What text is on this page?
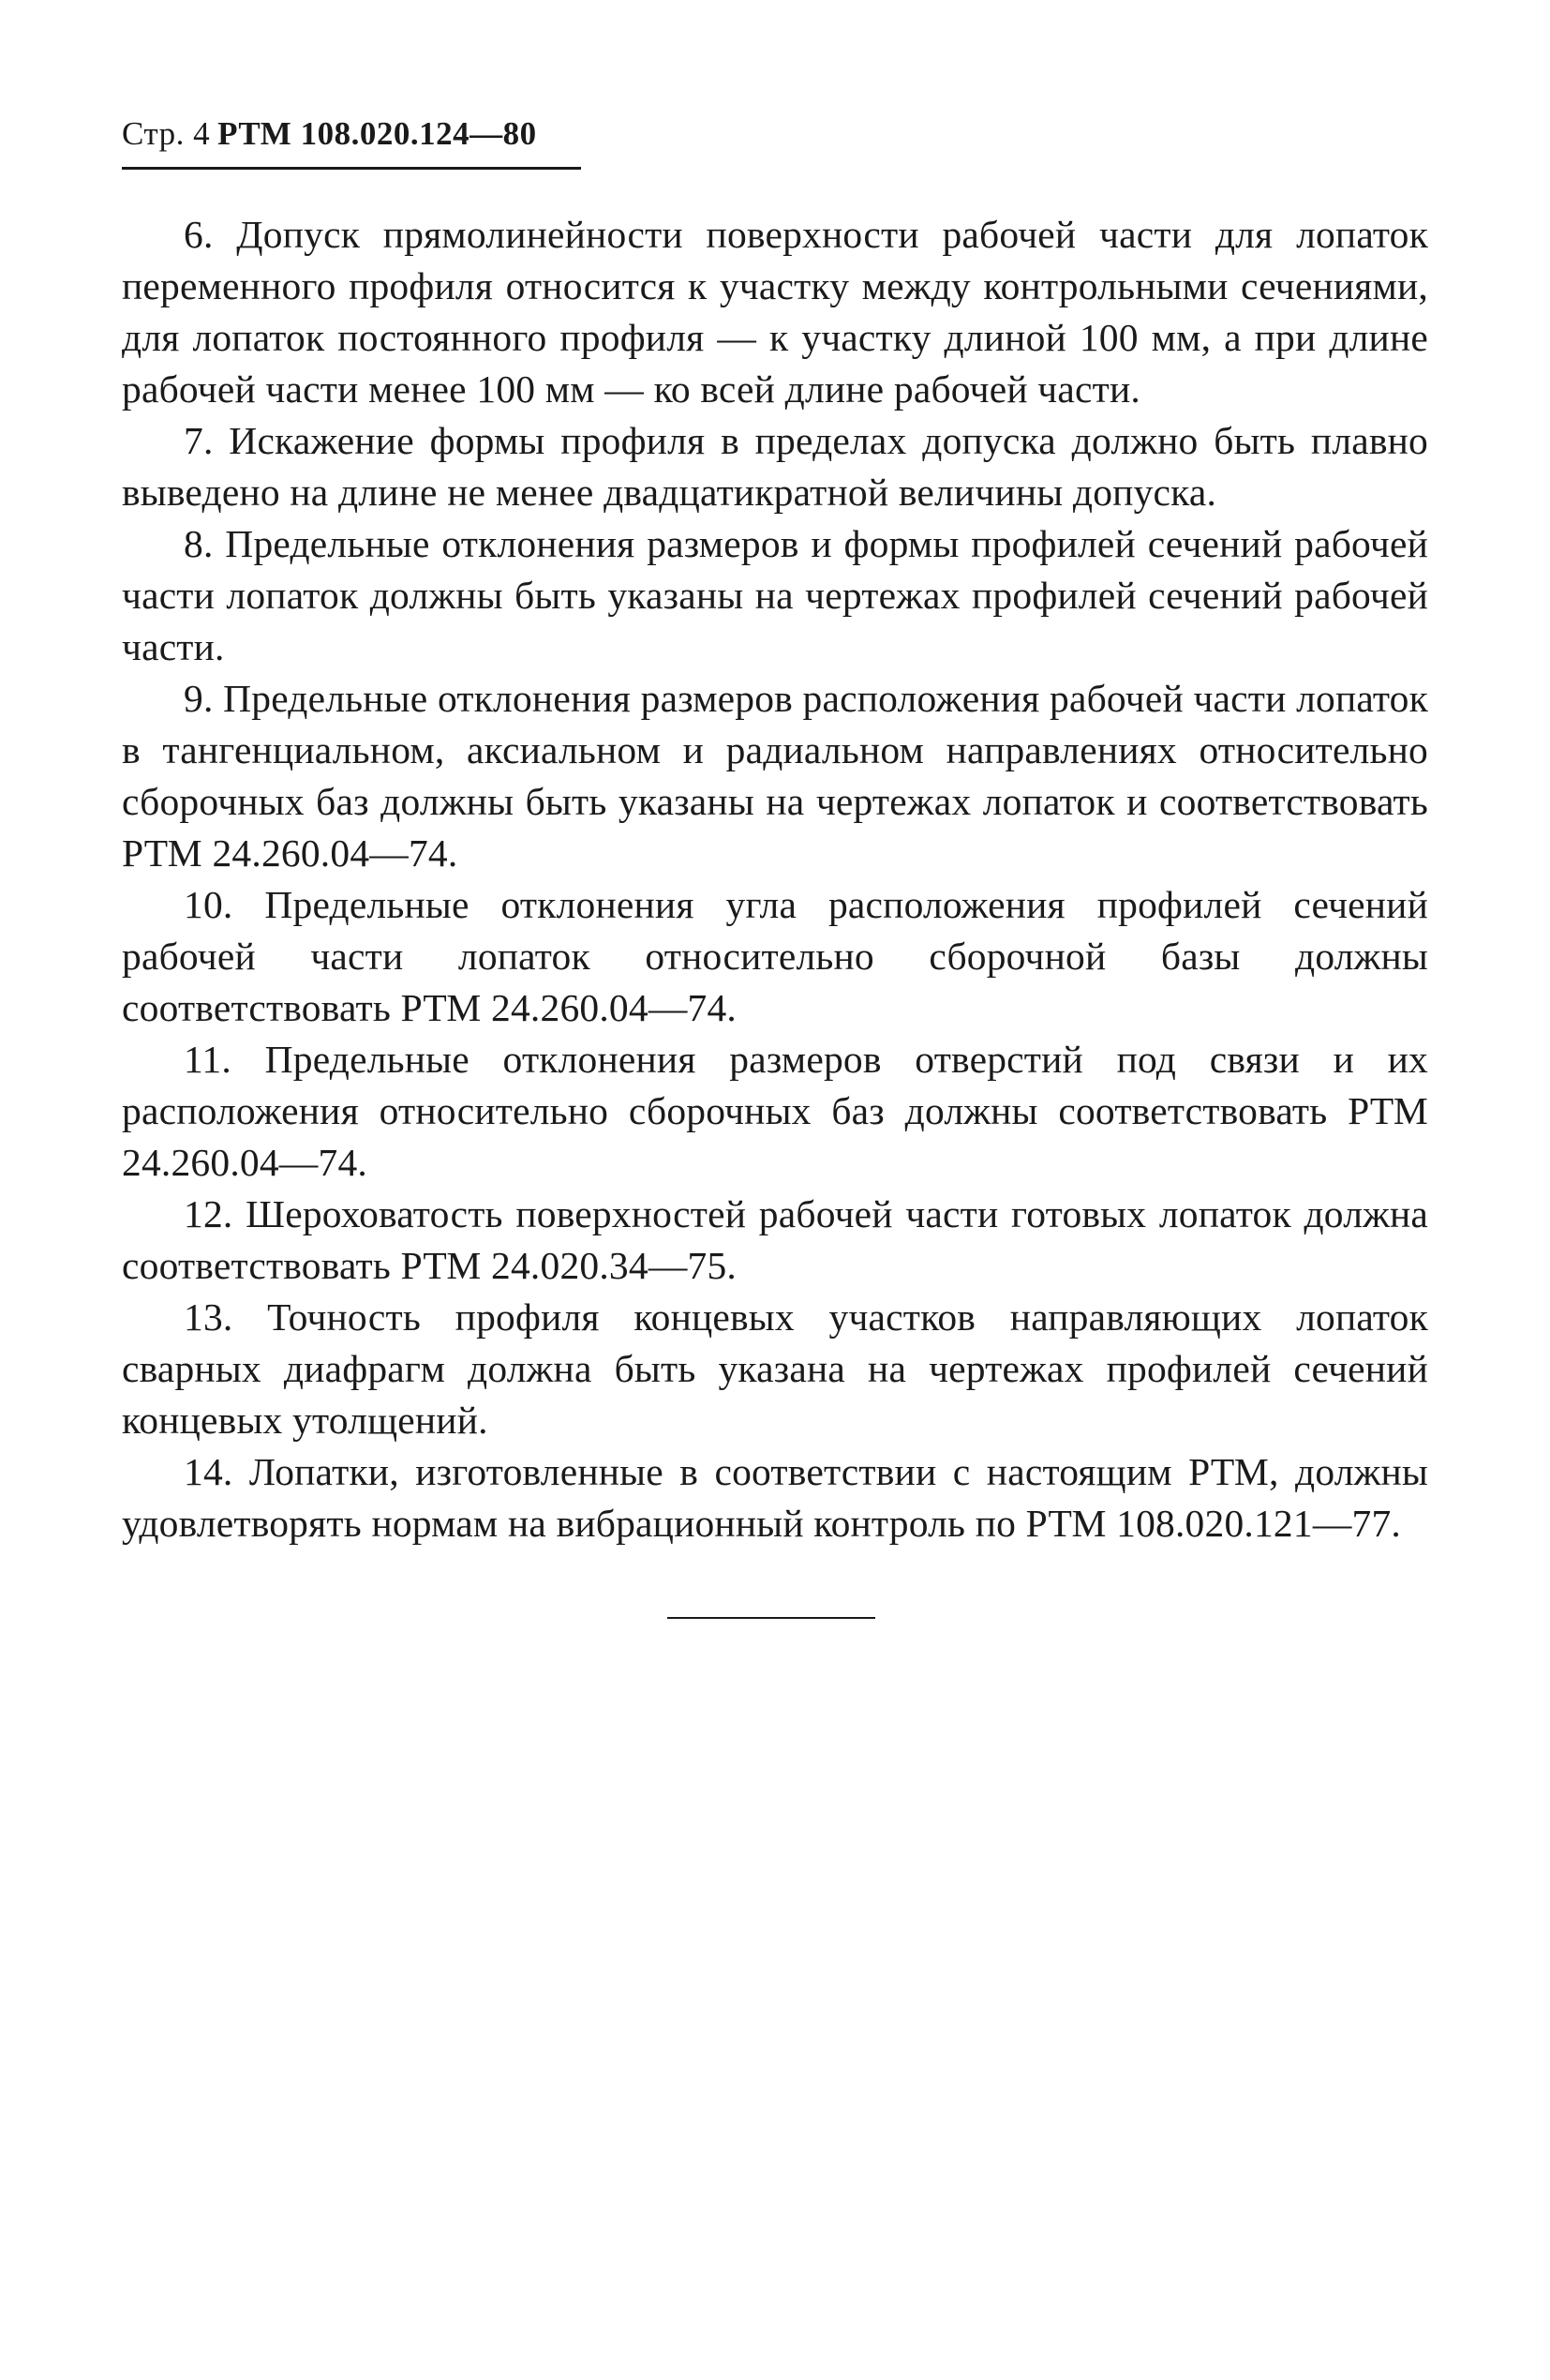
Стр. 4 РТМ 108.020.124—80

6. Допуск прямолинейности поверхности рабочей части для лопаток переменного профиля относится к участку между контрольными сечениями, для лопаток постоянного профиля — к участку длиной 100 мм, а при длине рабочей части менее 100 мм — ко всей длине рабочей части.

7. Искажение формы профиля в пределах допуска должно быть плавно выведено на длине не менее двадцатикратной величины допуска.

8. Предельные отклонения размеров и формы профилей сечений рабочей части лопаток должны быть указаны на чертежах профилей сечений рабочей части.

9. Предельные отклонения размеров расположения рабочей части лопаток в тангенциальном, аксиальном и радиальном направлениях относительно сборочных баз должны быть указаны на чертежах лопаток и соответствовать РТМ 24.260.04—74.

10. Предельные отклонения угла расположения профилей сечений рабочей части лопаток относительно сборочной базы должны соответствовать РТМ 24.260.04—74.

11. Предельные отклонения размеров отверстий под связи и их расположения относительно сборочных баз должны соответствовать РТМ 24.260.04—74.

12. Шероховатость поверхностей рабочей части готовых лопаток должна соответствовать РТМ 24.020.34—75.

13. Точность профиля концевых участков направляющих лопаток сварных диафрагм должна быть указана на чертежах профилей сечений концевых утолщений.

14. Лопатки, изготовленные в соответствии с настоящим РТМ, должны удовлетворять нормам на вибрационный контроль по РТМ 108.020.121—77.
